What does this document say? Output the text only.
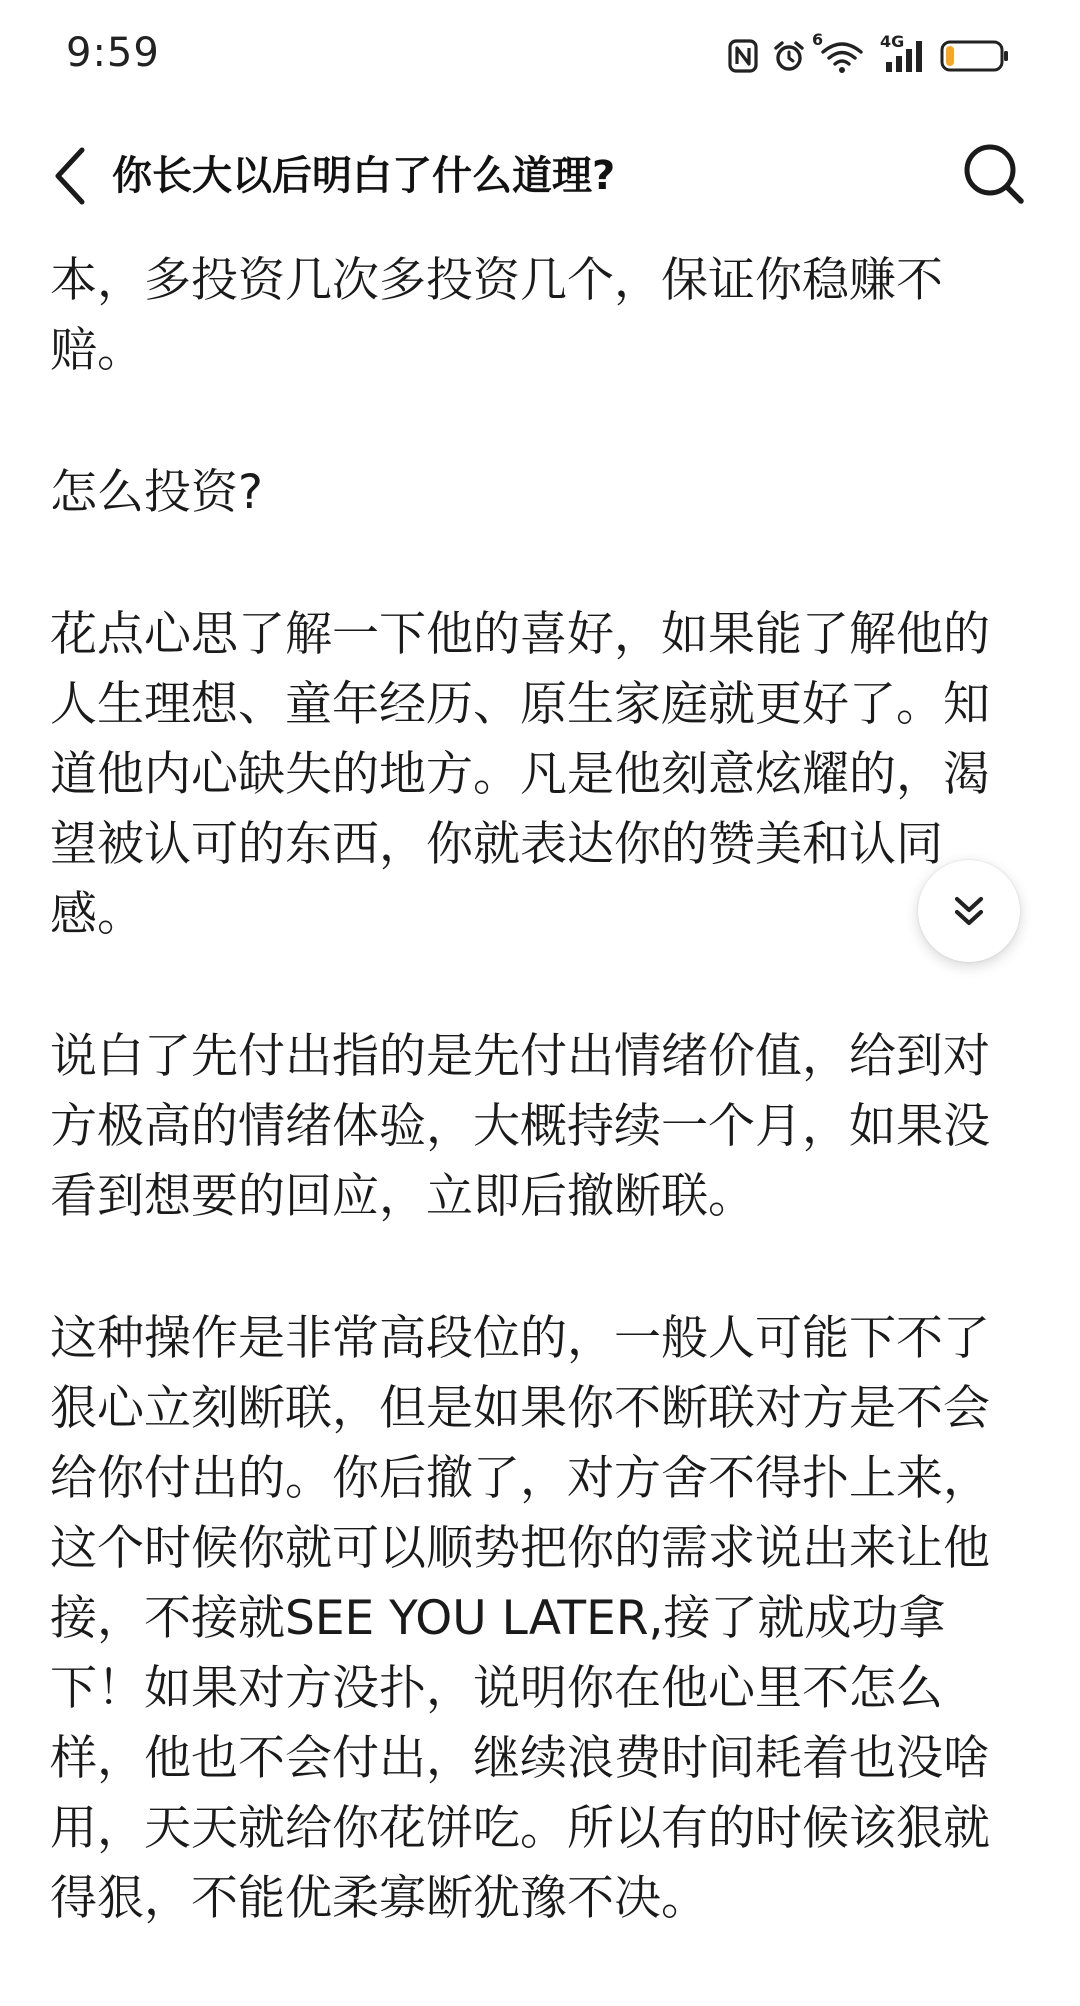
9:59	6	4G
你长大以后明白了什么道理?

本，多投资几次多投资几个，保证你稳赚不赔。

怎么投资?

花点心思了解一下他的喜好，如果能了解他的人生理想、童年经历、原生家庭就更好了。知道他内心缺失的地方。凡是他刻意炫耀的，渴望被认可的东西，你就表达你的赞美和认同感。

说白了先付出指的是先付出情绪价值，给到对方极高的情绪体验，大概持续一个月，如果没看到想要的回应，立即后撤断联。

这种操作是非常高段位的，一般人可能下不了狠心立刻断联，但是如果你不断联对方是不会给你付出的。你后撤了，对方舍不得扑上来，这个时候你就可以顺势把你的需求说出来让他接，不接就SEE YOU LATER,接了就成功拿下！如果对方没扑，说明你在他心里不怎么样，他也不会付出，继续浪费时间耗着也没啥用，天天就给你花饼吃。所以有的时候该狠就得狠，不能优柔寡断犹豫不决。
